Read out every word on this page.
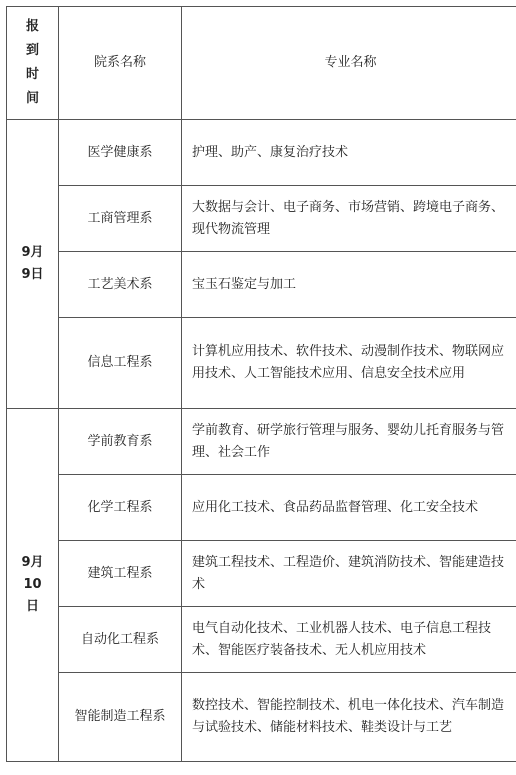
报
到
时
间	院系名称	专业名称

9月
9日	医学健康系	护理、助产、康复治疗技术
	工商管理系	大数据与会计、电子商务、市场营销、跨境电子商务、现代物流管理
	工艺美术系	宝玉石鉴定与加工
	信息工程系	计算机应用技术、软件技术、动漫制作技术、物联网应用技术、人工智能技术应用、信息安全技术应用

9月
10
日	学前教育系	学前教育、研学旅行管理与服务、婴幼儿托育服务与管理、社会工作
	化学工程系	应用化工技术、食品药品监督管理、化工安全技术
	建筑工程系	建筑工程技术、工程造价、建筑消防技术、智能建造技术
	自动化工程系	电气自动化技术、工业机器人技术、电子信息工程技术、智能医疗装备技术、无人机应用技术
	智能制造工程系	数控技术、智能控制技术、机电一体化技术、汽车制造与试验技术、储能材料技术、鞋类设计与工艺
